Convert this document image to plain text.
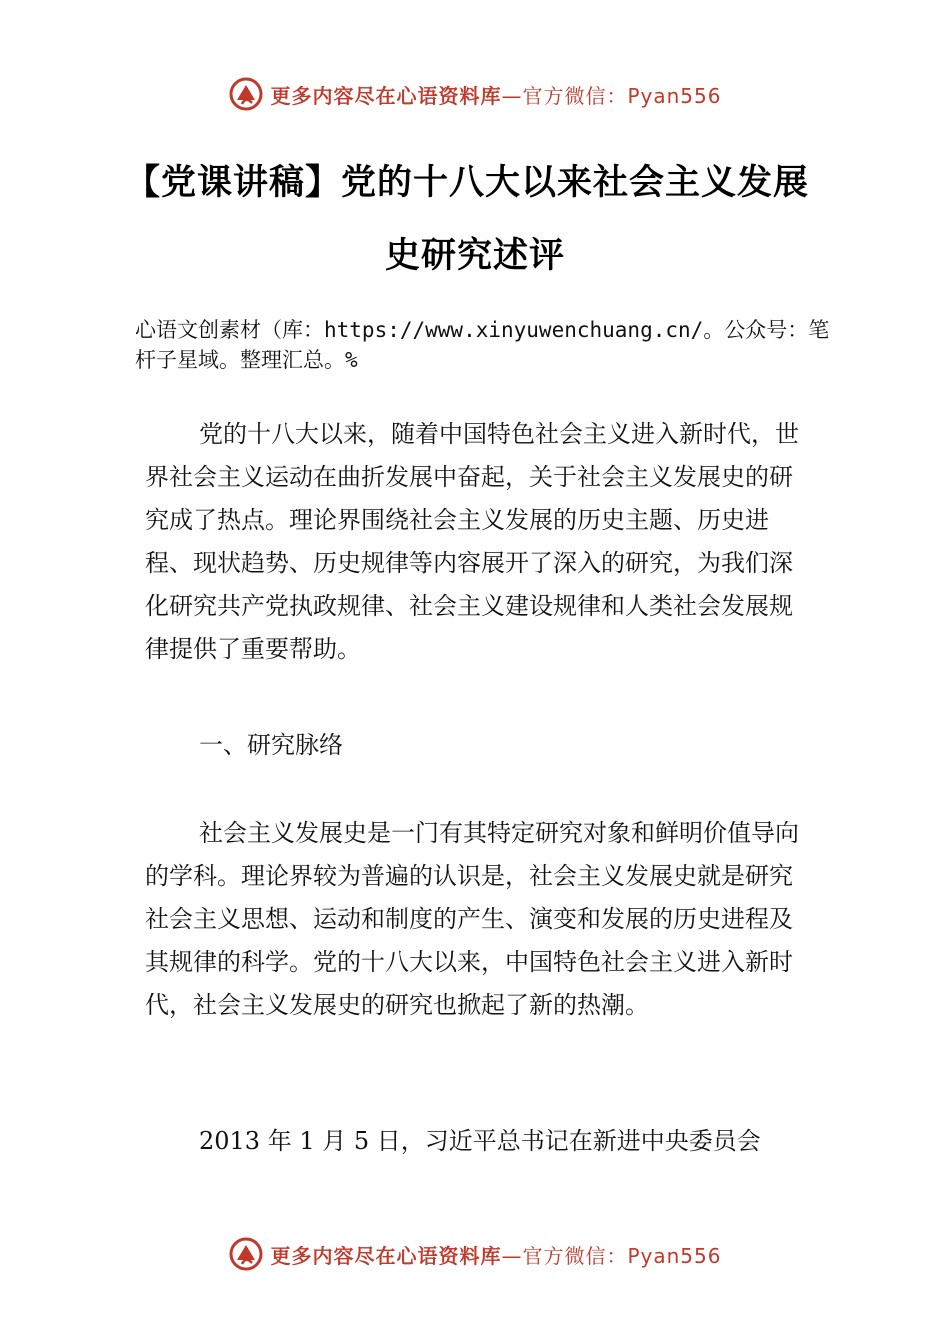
更多内容尽在心语资料库—官方微信：Pyan556
【党课讲稿】党的十八大以来社会主义发展
史研究述评
心语文创素材（库：https://www.xinyuwenchuang.cn/。公众号：笔杆子星域。整理汇总。%

党的十八大以来，随着中国特色社会主义进入新时代，世界社会主义运动在曲折发展中奋起，关于社会主义发展史的研究成了热点。理论界围绕社会主义发展的历史主题、历史进程、现状趋势、历史规律等内容展开了深入的研究，为我们深化研究共产党执政规律、社会主义建设规律和人类社会发展规律提供了重要帮助。

一、研究脉络

社会主义发展史是一门有其特定研究对象和鲜明价值导向的学科。理论界较为普遍的认识是，社会主义发展史就是研究社会主义思想、运动和制度的产生、演变和发展的历史进程及其规律的科学。党的十八大以来，中国特色社会主义进入新时代，社会主义发展史的研究也掀起了新的热潮。

2013 年 1 月 5 日，习近平总书记在新进中央委员会

更多内容尽在心语资料库—官方微信：Pyan556
